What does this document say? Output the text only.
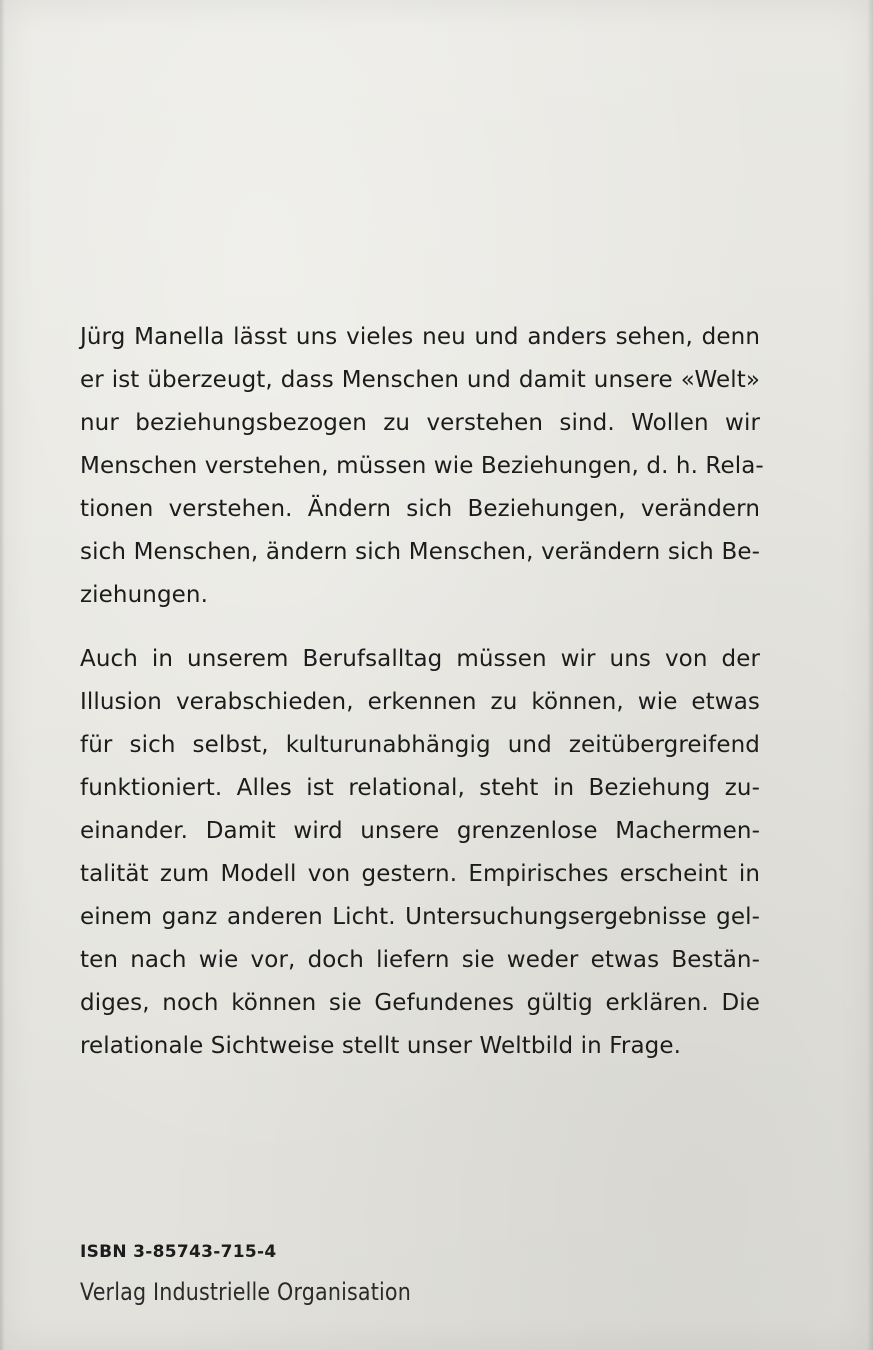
Jürg Manella lässt uns vieles neu und anders sehen, denn
er ist überzeugt, dass Menschen und damit unsere «Welt»
nur beziehungsbezogen zu verstehen sind. Wollen wir
Menschen verstehen, müssen wie Beziehungen, d. h. Rela-
tionen verstehen. Ändern sich Beziehungen, verändern
sich Menschen, ändern sich Menschen, verändern sich Be-
ziehungen.

Auch in unserem Berufsalltag müssen wir uns von der
Illusion verabschieden, erkennen zu können, wie etwas
für sich selbst, kulturunabhängig und zeitübergreifend
funktioniert. Alles ist relational, steht in Beziehung zu-
einander. Damit wird unsere grenzenlose Machermen-
talität zum Modell von gestern. Empirisches erscheint in
einem ganz anderen Licht. Untersuchungsergebnisse gel-
ten nach wie vor, doch liefern sie weder etwas Bestän-
diges, noch können sie Gefundenes gültig erklären. Die
relationale Sichtweise stellt unser Weltbild in Frage.

ISBN 3-85743-715-4
Verlag Industrielle Organisation
